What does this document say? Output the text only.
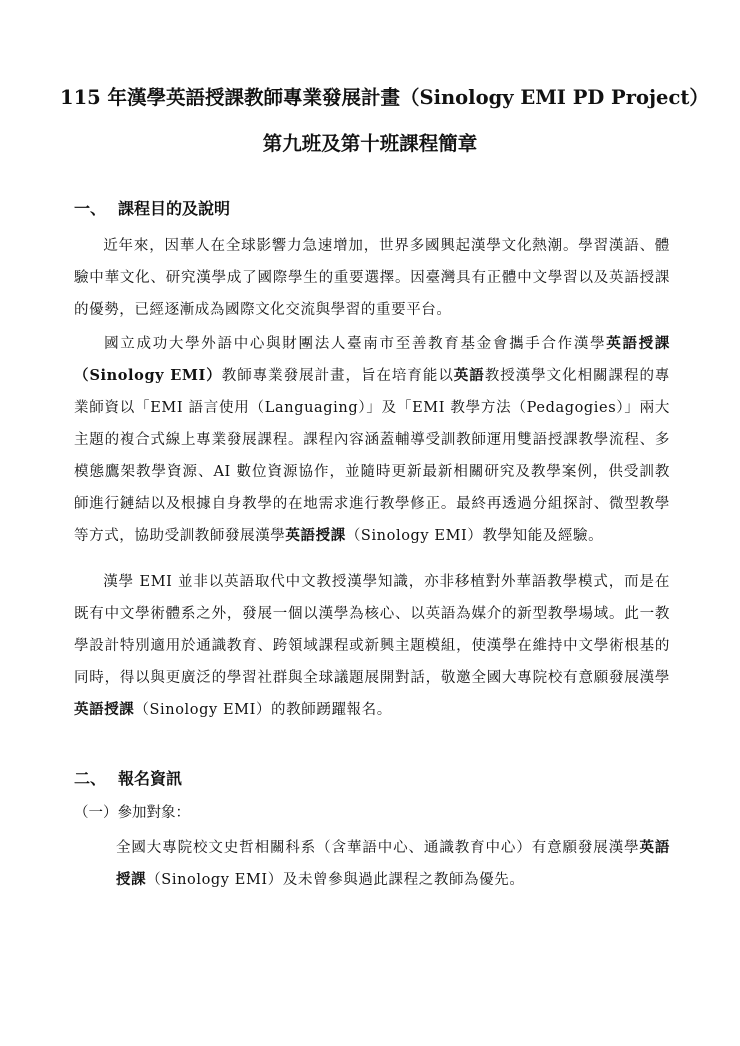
115 年漢學英語授課教師專業發展計畫（Sinology EMI PD Project）
第九班及第十班課程簡章
一、 課程目的及說明

近年來，因華人在全球影響力急速增加，世界多國興起漢學文化熱潮。學習漢語、體驗中華文化、研究漢學成了國際學生的重要選擇。因臺灣具有正體中文學習以及英語授課的優勢，已經逐漸成為國際文化交流與學習的重要平台。

國立成功大學外語中心與財團法人臺南市至善教育基金會攜手合作漢學英語授課（Sinology EMI）教師專業發展計畫，旨在培育能以英語教授漢學文化相關課程的專業師資以「EMI 語言使用（Languaging）」及「EMI 教學方法（Pedagogies）」兩大主題的複合式線上專業發展課程。課程內容涵蓋輔導受訓教師運用雙語授課教學流程、多模態鷹架教學資源、AI 數位資源協作，並隨時更新最新相關研究及教學案例，供受訓教師進行鏈結以及根據自身教學的在地需求進行教學修正。最終再透過分組探討、微型教學等方式，協助受訓教師發展漢學英語授課（Sinology EMI）教學知能及經驗。

漢學 EMI 並非以英語取代中文教授漢學知識，亦非移植對外華語教學模式，而是在既有中文學術體系之外，發展一個以漢學為核心、以英語為媒介的新型教學場域。此一教學設計特別適用於通識教育、跨領域課程或新興主題模組，使漢學在維持中文學術根基的同時，得以與更廣泛的學習社群與全球議題展開對話，敬邀全國大專院校有意願發展漢學英語授課（Sinology EMI）的教師踴躍報名。

二、 報名資訊
（一）參加對象：

全國大專院校文史哲相關科系（含華語中心、通識教育中心）有意願發展漢學英語授課（Sinology EMI）及未曾參與過此課程之教師為優先。
